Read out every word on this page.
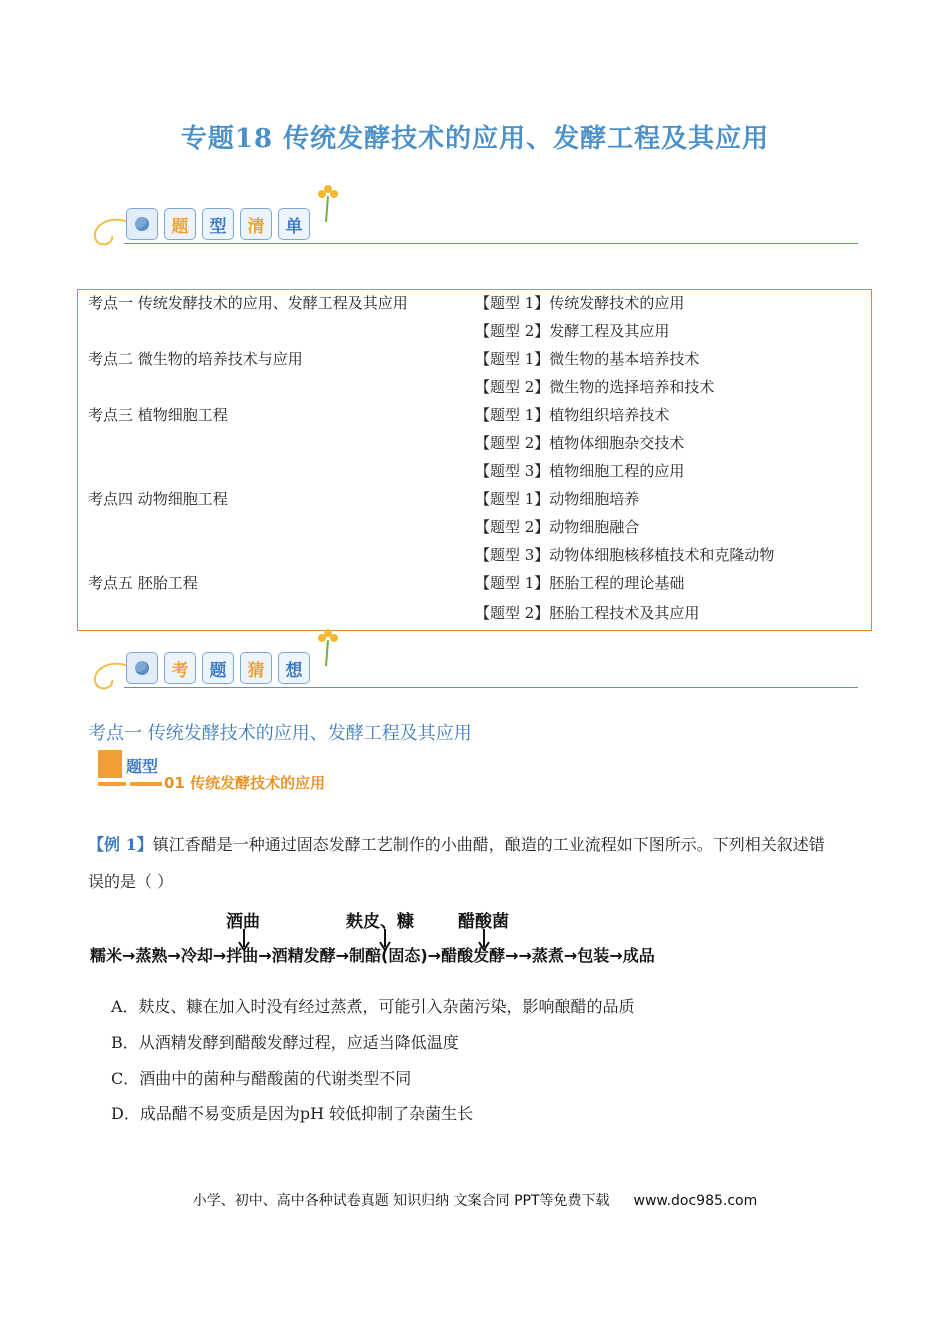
专题18 传统发酵技术的应用、发酵工程及其应用
题	型	清	单
考点一 传统发酵技术的应用、发酵工程及其应用	【题型 1】传统发酵技术的应用
【题型 2】发酵工程及其应用
考点二 微生物的培养技术与应用	【题型 1】微生物的基本培养技术
【题型 2】微生物的选择培养和技术
考点三 植物细胞工程	【题型 1】植物组织培养技术
【题型 2】植物体细胞杂交技术
【题型 3】植物细胞工程的应用
考点四 动物细胞工程	【题型 1】动物细胞培养
【题型 2】动物细胞融合
【题型 3】动物体细胞核移植技术和克隆动物
考点五 胚胎工程	【题型 1】胚胎工程的理论基础
【题型 2】胚胎工程技术及其应用
考	题	猜	想
考点一 传统发酵技术的应用、发酵工程及其应用
题型
01 传统发酵技术的应用
【例 1】镇江香醋是一种通过固态发酵工艺制作的小曲醋，酿造的工业流程如下图所示。下列相关叙述错
误的是（ ）
酒曲	麸皮、糠	醋酸菌
糯米→蒸熟→冷却→拌曲→酒精发酵→制醅(固态)→醋酸发酵→→蒸煮→包装→成品
A．麸皮、糠在加入时没有经过蒸煮，可能引入杂菌污染，影响酿醋的品质
B．从酒精发酵到醋酸发酵过程，应适当降低温度
C．酒曲中的菌种与醋酸菌的代谢类型不同
D．成品醋不易变质是因为pH 较低抑制了杂菌生长
小学、初中、高中各种试卷真题 知识归纳 文案合同 PPT等免费下载 www.doc985.com
